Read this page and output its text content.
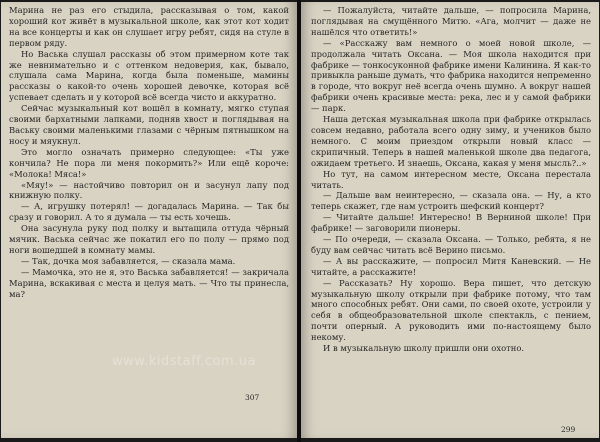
Марина не раз его стыдила, рассказывая о том, какой хороший кот живёт в музыкальной школе, как этот кот ходит на все концерты и как он слушает игру ребят, сидя на стуле в первом ряду.

Но Васька слушал рассказы об этом примерном коте так же невнимательно и с оттенком недоверия, как, бывало, слушала сама Марина, когда была поменьше, мамины рассказы о какой-то очень хорошей девочке, которая всё успевает сделать и у которой всё всегда чисто и аккуратно.

Сейчас музыкальный кот вошёл в комнату, мягко ступая своими бархатными лапками, подняв хвост и поглядывая на Ваську своими маленькими глазами с чёрным пятнышком на носу и мяукнул.

Это могло означать примерно следующее: «Ты уже кончила? Не пора ли меня покормить?» Или ещё короче: «Молока! Мяса!»

«Мяу!» — настойчиво повторил он и засунул лапу под книжную полку.

— А, игрушку потерял! — догадалась Марина. — Так бы сразу и говорил. А то я думала — ты есть хочешь.

Она засунула руку под полку и вытащила оттуда чёрный мячик. Васька сейчас же покатил его по полу — прямо под ноги вошедшей в комнату мамы.

— Так, дочка моя забавляется, — сказала мама.

— Мамочка, это не я, это Васька забавляется! — закричала Марина, вскакивая с места и целуя мать. — Что ты принесла, ма?

307

— Пожалуйста, читайте дальше, — попросила Марина, поглядывая на смущённого Митю. «Ага, молчит — даже не нашёлся что ответить!»

— «Расскажу вам немного о моей новой школе, — продолжала читать Оксана. — Моя школа находится при фабрике — тонкосуконной фабрике имени Калинина. Я как-то привыкла раньше думать, что фабрика находится непременно в городе, что вокруг неё всегда очень шумно. А вокруг нашей фабрики очень красивые места: река, лес и у самой фабрики — парк.

Наша детская музыкальная школа при фабрике открылась совсем недавно, работала всего одну зиму, и учеников было немного. С моим приездом открыли новый класс — скрипичный. Теперь в нашей маленькой школе два педагога, ожидаем третьего. И знаешь, Оксана, какая у меня мысль?..»

Но тут, на самом интересном месте, Оксана перестала читать.

— Дальше вам неинтересно, — сказала она. — Ну, а кто теперь скажет, где нам устроить шефский концерт?

— Читайте дальше! Интересно! В Верниной школе! При фабрике! — заговорили пионеры.

— По очереди, — сказала Оксана. — Только, ребята, я не буду вам сейчас читать всё Верино письмо.

— А вы расскажите, — попросил Митя Каневский. — Не читайте, а расскажите!

— Рассказать? Ну хорошо. Вера пишет, что детскую музыкальную школу открыли при фабрике потому, что там много способных ребят. Они сами, по своей охоте, устроили у себя в общеобразовательной школе спектакль, с пением, почти оперный. А руководить ими по-настоящему было некому.

И в музыкальную школу пришли они охотно.

299
www.kidstaff.com.ua
